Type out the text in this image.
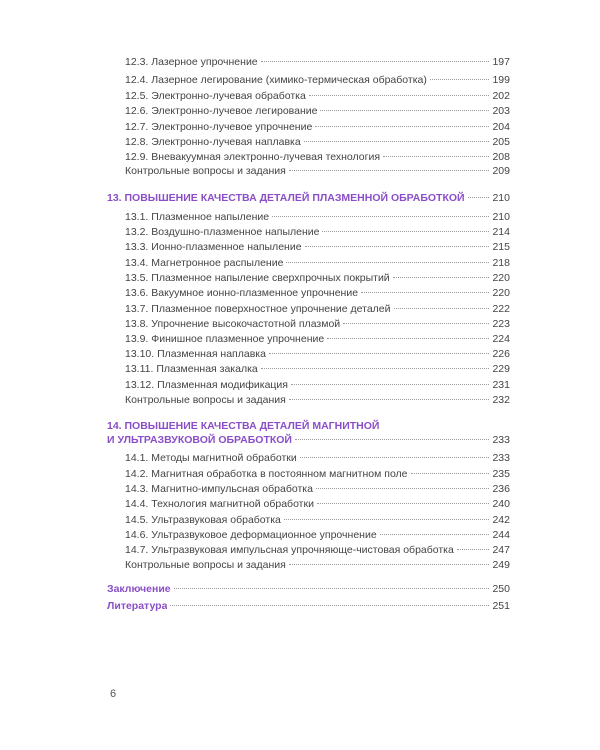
12.3. Лазерное упрочнение	197
12.4. Лазерное легирование (химико-термическая обработка)	199
12.5. Электронно-лучевая обработка	202
12.6. Электронно-лучевое легирование	203
12.7. Электронно-лучевое упрочнение	204
12.8. Электронно-лучевая наплавка	205
12.9. Вневакуумная электронно-лучевая технология	208
Контрольные вопросы и задания	209
13. ПОВЫШЕНИЕ КАЧЕСТВА ДЕТАЛЕЙ ПЛАЗМЕННОЙ ОБРАБОТКОЙ	210
13.1. Плазменное напыление	210
13.2. Воздушно-плазменное напыление	214
13.3. Ионно-плазменное напыление	215
13.4. Магнетронное распыление	218
13.5. Плазменное напыление сверхпрочных покрытий	220
13.6. Вакуумное ионно-плазменное упрочнение	220
13.7. Плазменное поверхностное упрочнение деталей	222
13.8. Упрочнение высокочастотной плазмой	223
13.9. Финишное плазменное упрочнение	224
13.10. Плазменная наплавка	226
13.11. Плазменная закалка	229
13.12. Плазменная модификация	231
Контрольные вопросы и задания	232
14. ПОВЫШЕНИЕ КАЧЕСТВА ДЕТАЛЕЙ МАГНИТНОЙ
И УЛЬТРАЗВУКОВОЙ ОБРАБОТКОЙ	233
14.1. Методы магнитной обработки	233
14.2. Магнитная обработка в постоянном магнитном поле	235
14.3. Магнитно-импульсная обработка	236
14.4. Технология магнитной обработки	240
14.5. Ультразвуковая обработка	242
14.6. Ультразвуковое деформационное упрочнение	244
14.7. Ультразвуковая импульсная упрочняюще-чистовая обработка	247
Контрольные вопросы и задания	249
Заключение	250
Литература	251
6
